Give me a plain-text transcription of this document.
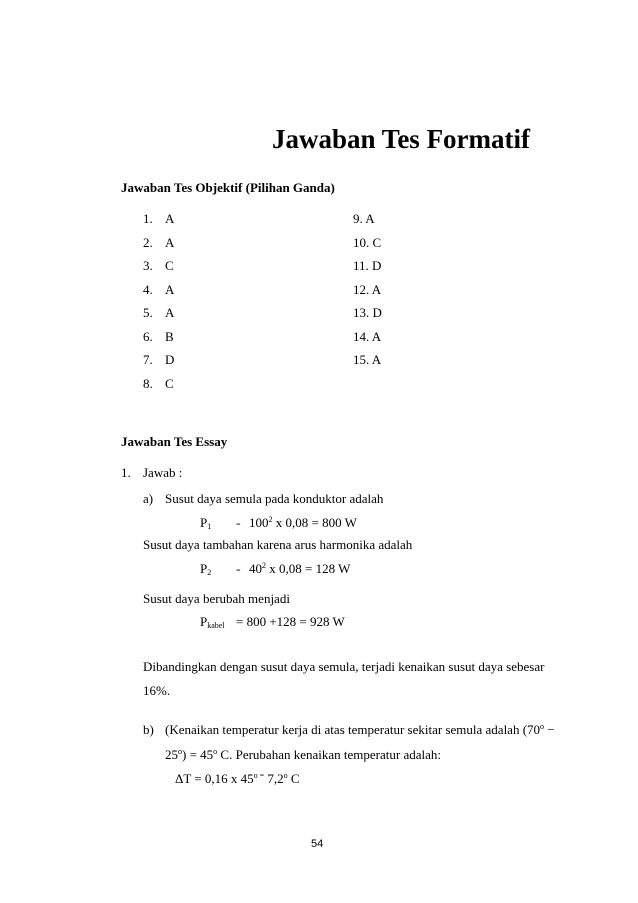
Jawaban Tes Formatif
Jawaban Tes Objektif (Pilihan Ganda)
1. A
2. A
3. C
4. A
5. A
6. B
7. D
8. C
9. A
10. C
11. D
12. A
13. D
14. A
15. A
Jawaban Tes Essay
1. Jawab :
a) Susut daya semula pada konduktor adalah
$P_1$	= $100^2$ x 0,08 = 800 W
Susut daya tambahan karena arus harmonika adalah
$P_2$	= $40^2$ x 0,08 = 128 W
Susut daya berubah menjadi
$P_{kabel} = 800 +128 = 928$ W
Dibandingkan dengan susut daya semula, terjadi kenaikan susut daya sebesar
16%.
b) (Kenaikan temperatur kerja di atas temperatur sekitar semula adalah ($70^o$ −
$25^o) = 45^o$ C. Perubahan kenaikan temperatur adalah:
ΔT = 0,16 x $45^{o =}$ 7,2$^o$ C
54
